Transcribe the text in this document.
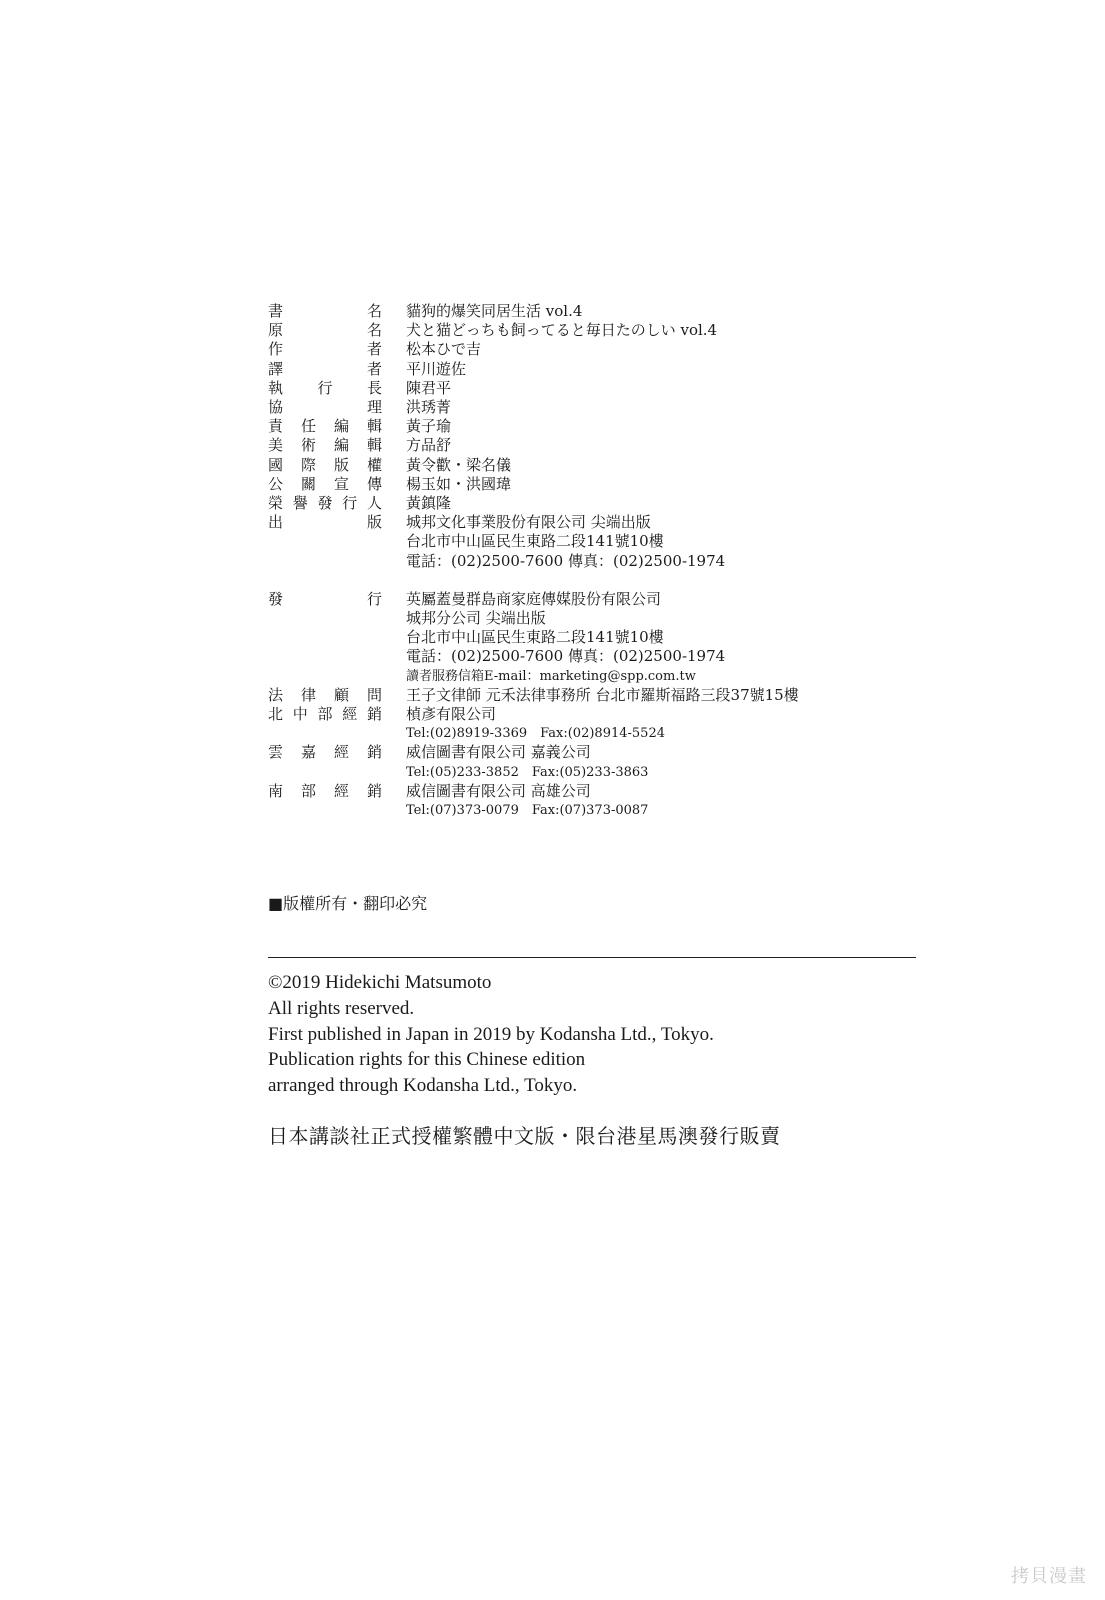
書	名 貓狗的爆笑同居生活 vol.4
原	名 犬と猫どっちも飼ってると毎日たのしい vol.4
作	者 松本ひで吉
譯	者 平川遊佐
執 行 長 陳君平
協	理 洪琇菁
責 任 編 輯 黃子瑜
美 術 編 輯 方品舒
國 際 版 權 黃令歡・梁名儀
公 關 宣 傳 楊玉如・洪國瑋
榮 譽 發 行 人 黃鎮隆
出	版 城邦文化事業股份有限公司 尖端出版
台北市中山區民生東路二段141號10樓
電話：(02)2500-7600 傳真：(02)2500-1974
發	行 英屬蓋曼群島商家庭傳媒股份有限公司
城邦分公司 尖端出版
台北市中山區民生東路二段141號10樓
電話：(02)2500-7600 傳真：(02)2500-1974
讀者服務信箱E-mail：marketing@spp.com.tw
法 律 顧 問 王子文律師 元禾法律事務所 台北市羅斯福路三段37號15樓
北 中 部 經 銷 楨彥有限公司
Tel:(02)8919-3369　Fax:(02)8914-5524
雲 嘉 經 銷 威信圖書有限公司 嘉義公司
Tel:(05)233-3852　Fax:(05)233-3863
南 部 經 銷 威信圖書有限公司 高雄公司
Tel:(07)373-0079　Fax:(07)373-0087
■版權所有・翻印必究
©2019 Hidekichi Matsumoto
All rights reserved.
First published in Japan in 2019 by Kodansha Ltd., Tokyo.
Publication rights for this Chinese edition
arranged through Kodansha Ltd., Tokyo.
日本講談社正式授權繁體中文版・限台港星馬澳發行販賣
拷貝漫畫
